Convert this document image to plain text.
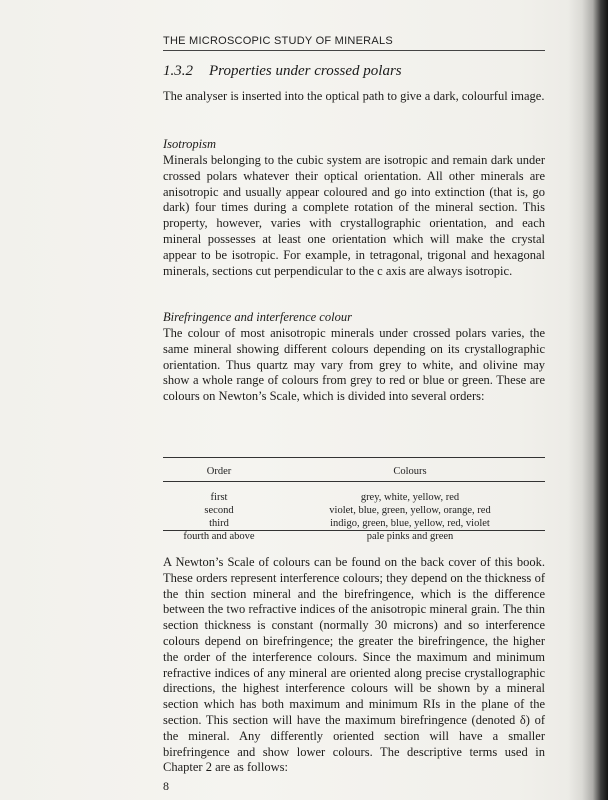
THE MICROSCOPIC STUDY OF MINERALS
1.3.2 Properties under crossed polars

The analyser is inserted into the optical path to give a dark, colourful image.

Isotropism

Minerals belonging to the cubic system are isotropic and remain dark under crossed polars whatever their optical orientation. All other minerals are anisotropic and usually appear coloured and go into extinction (that is, go dark) four times during a complete rotation of the mineral section. This property, however, varies with crystallographic orientation, and each mineral possesses at least one orientation which will make the crystal appear to be isotropic. For example, in tetragonal, trigonal and hexagonal minerals, sections cut perpendicular to the c axis are always isotropic.

Birefringence and interference colour

The colour of most anisotropic minerals under crossed polars varies, the same mineral showing different colours depending on its crystallographic orientation. Thus quartz may vary from grey to white, and olivine may show a whole range of colours from grey to red or blue or green. These are colours on Newton’s Scale, which is divided into several orders:

Order	Colours

first	grey, white, yellow, red
second	violet, blue, green, yellow, orange, red
third	indigo, green, blue, yellow, red, violet
fourth and above	pale pinks and green

A Newton’s Scale of colours can be found on the back cover of this book. These orders represent interference colours; they depend on the thickness of the thin section mineral and the birefringence, which is the difference between the two refractive indices of the anisotropic mineral grain. The thin section thickness is constant (normally 30 microns) and so interference colours depend on birefringence; the greater the birefringence, the higher the order of the interference colours. Since the maximum and minimum refractive indices of any mineral are oriented along precise crystallographic directions, the highest interference colours will be shown by a mineral section which has both maximum and minimum RIs in the plane of the section. This section will have the maximum birefringence (denoted δ) of the mineral. Any differently oriented section will have a smaller birefringence and show lower colours. The descriptive terms used in Chapter 2 are as follows:

8
